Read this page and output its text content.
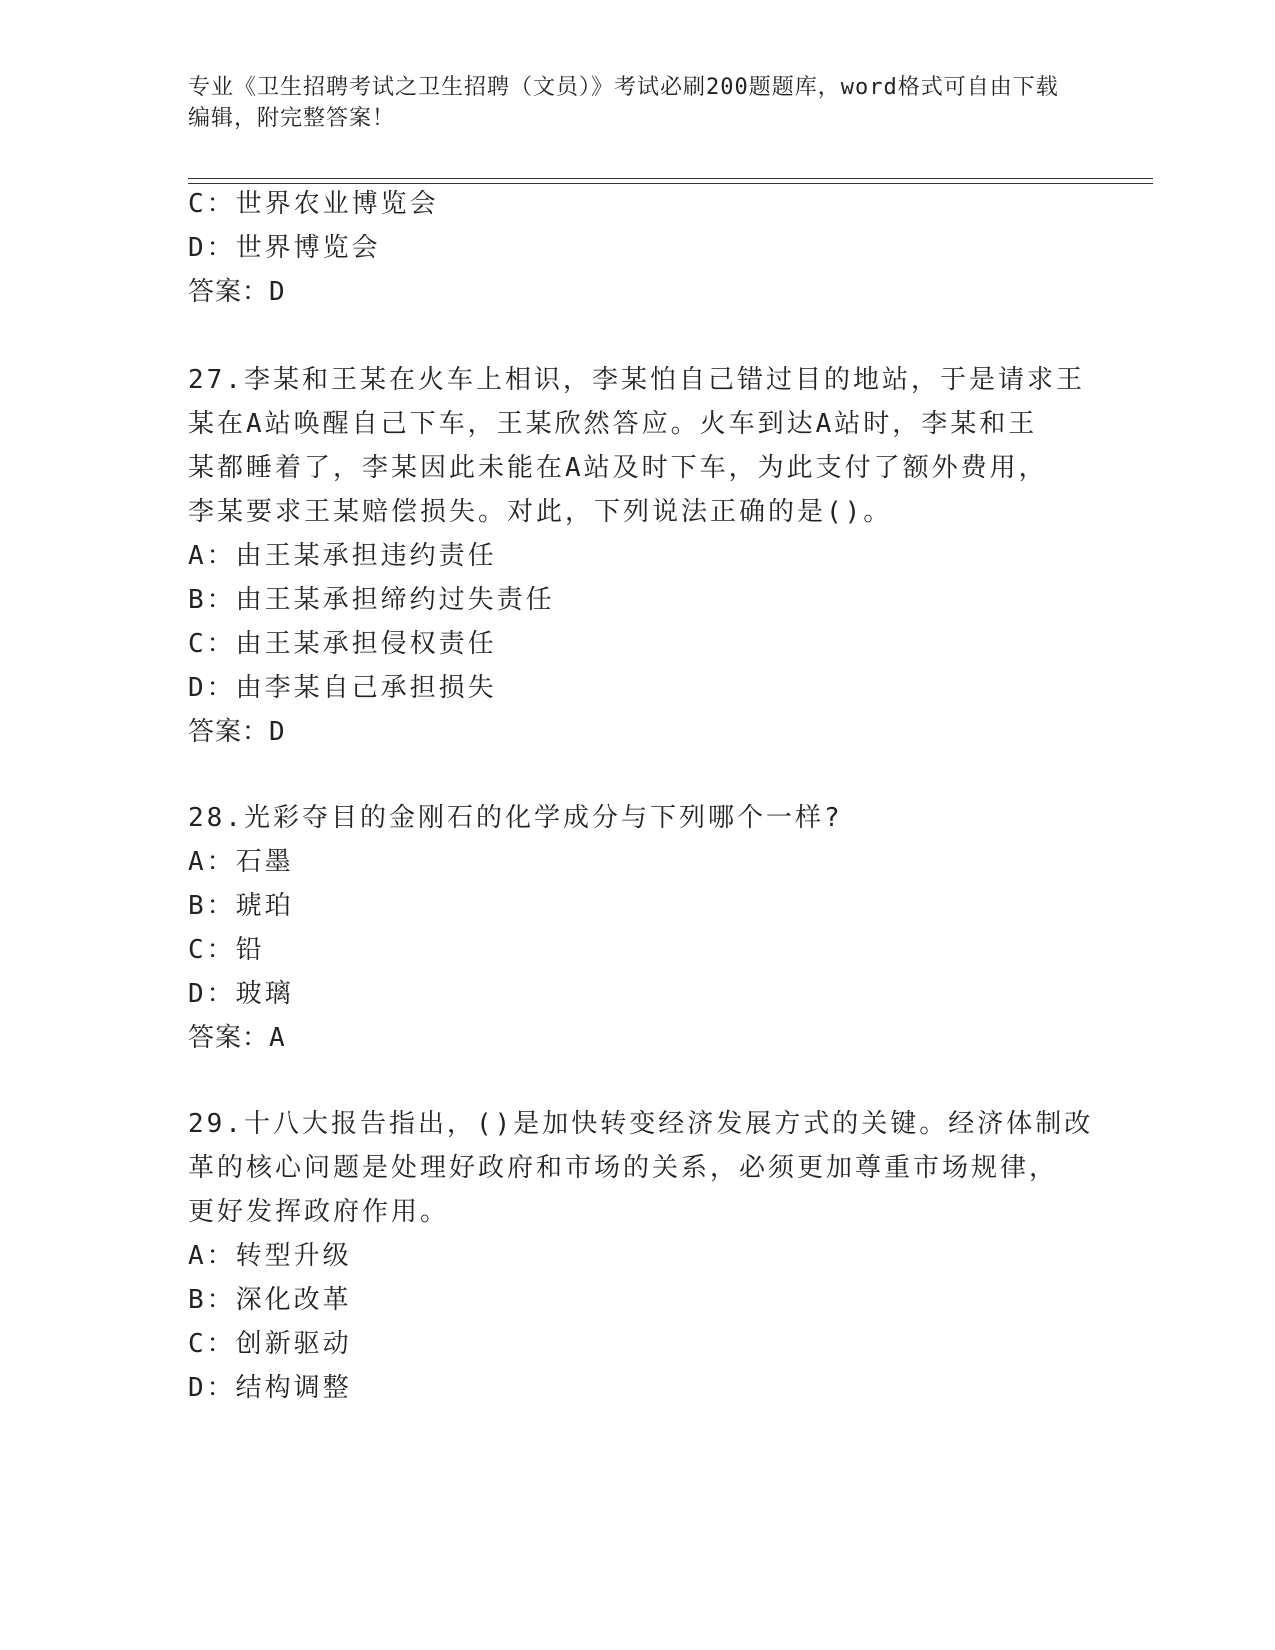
专业《卫生招聘考试之卫生招聘（文员）》考试必刷200题题库，word格式可自由下载编辑，附完整答案！
C：世界农业博览会
D：世界博览会
答案：D
27.李某和王某在火车上相识，李某怕自己错过目的地站，于是请求王
某在A站唤醒自己下车，王某欣然答应。火车到达A站时，李某和王
某都睡着了，李某因此未能在A站及时下车，为此支付了额外费用，
李某要求王某赔偿损失。对此，下列说法正确的是()。
A：由王某承担违约责任
B：由王某承担缔约过失责任
C：由王某承担侵权责任
D：由李某自己承担损失
答案：D
28.光彩夺目的金刚石的化学成分与下列哪个一样?
A：石墨
B：琥珀
C：铅
D：玻璃
答案：A
29.十八大报告指出，()是加快转变经济发展方式的关键。经济体制改
革的核心问题是处理好政府和市场的关系，必须更加尊重市场规律，
更好发挥政府作用。
A：转型升级
B：深化改革
C：创新驱动
D：结构调整
